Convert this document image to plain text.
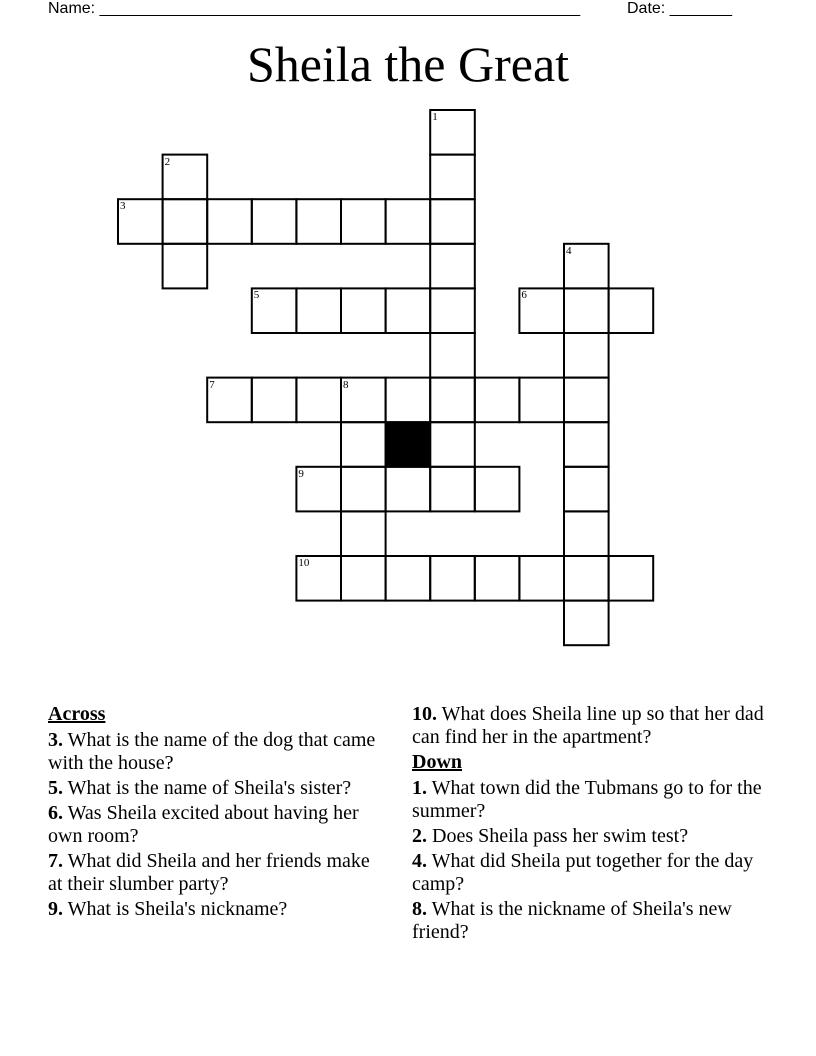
Name: ______________________________________________________	Date: _______
Sheila the Great
1
2
3
4
5	6
7	8
9
10
Across
3. What is the name of the dog that came with the house?
5. What is the name of Sheila's sister?
6. Was Sheila excited about having her own room?
7. What did Sheila and her friends make at their slumber party?
9. What is Sheila's nickname?
10. What does Sheila line up so that her dad can find her in the apartment?
Down
1. What town did the Tubmans go to for the summer?
2. Does Sheila pass her swim test?
4. What did Sheila put together for the day camp?
8. What is the nickname of Sheila's new friend?
